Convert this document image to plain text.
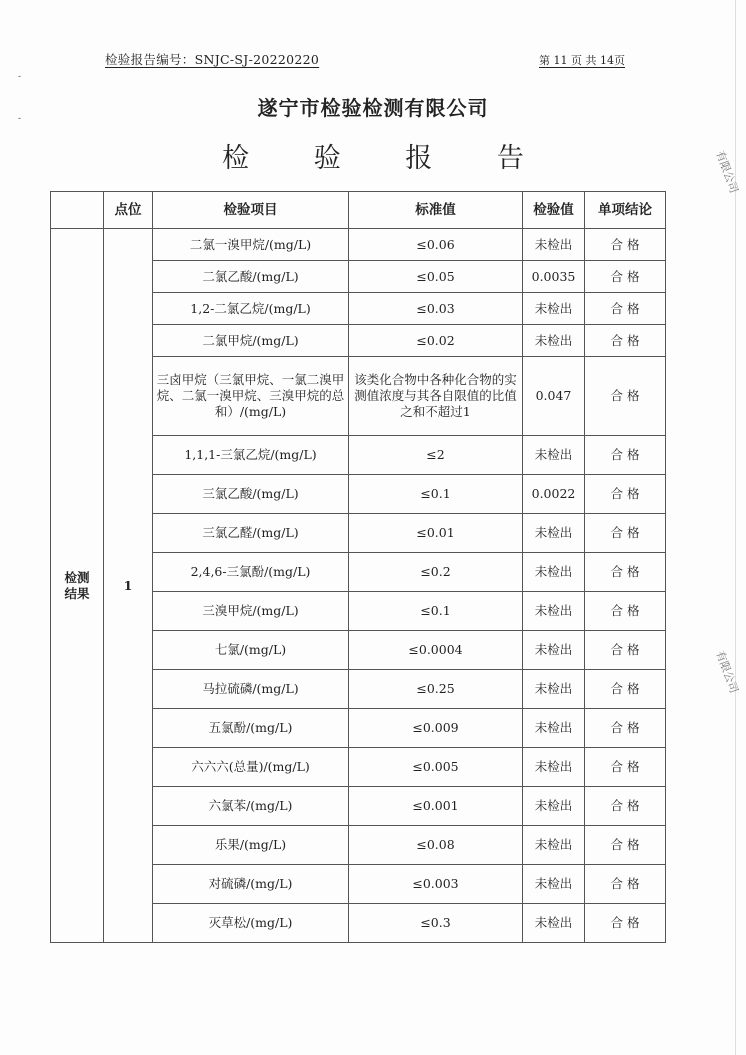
-
-
检验报告编号：SNJC-SJ-20220220	第 11 页 共 14页
遂宁市检验检测有限公司
检 验 报 告	有限公司
有限公司
	点位	检验项目	标准值	检验值	单项结论
检测
结果	1	二氯一溴甲烷/(mg/L)	≤0.06	未检出	合 格
		二氯乙酸/(mg/L)	≤0.05	0.0035	合 格
		1,2-二氯乙烷/(mg/L)	≤0.03	未检出	合 格
		二氯甲烷/(mg/L)	≤0.02	未检出	合 格
		三卤甲烷（三氯甲烷、一氯二溴甲烷、二氯一溴甲烷、三溴甲烷的总和）/(mg/L)	该类化合物中各种化合物的实测值浓度与其各自限值的比值之和不超过1	0.047	合 格
		1,1,1-三氯乙烷/(mg/L)	≤2	未检出	合 格
		三氯乙酸/(mg/L)	≤0.1	0.0022	合 格
		三氯乙醛/(mg/L)	≤0.01	未检出	合 格
		2,4,6-三氯酚/(mg/L)	≤0.2	未检出	合 格
		三溴甲烷/(mg/L)	≤0.1	未检出	合 格
		七氯/(mg/L)	≤0.0004	未检出	合 格
		马拉硫磷/(mg/L)	≤0.25	未检出	合 格
		五氯酚/(mg/L)	≤0.009	未检出	合 格
		六六六(总量)/(mg/L)	≤0.005	未检出	合 格
		六氯苯/(mg/L)	≤0.001	未检出	合 格
		乐果/(mg/L)	≤0.08	未检出	合 格
		对硫磷/(mg/L)	≤0.003	未检出	合 格
		灭草松/(mg/L)	≤0.3	未检出	合 格
